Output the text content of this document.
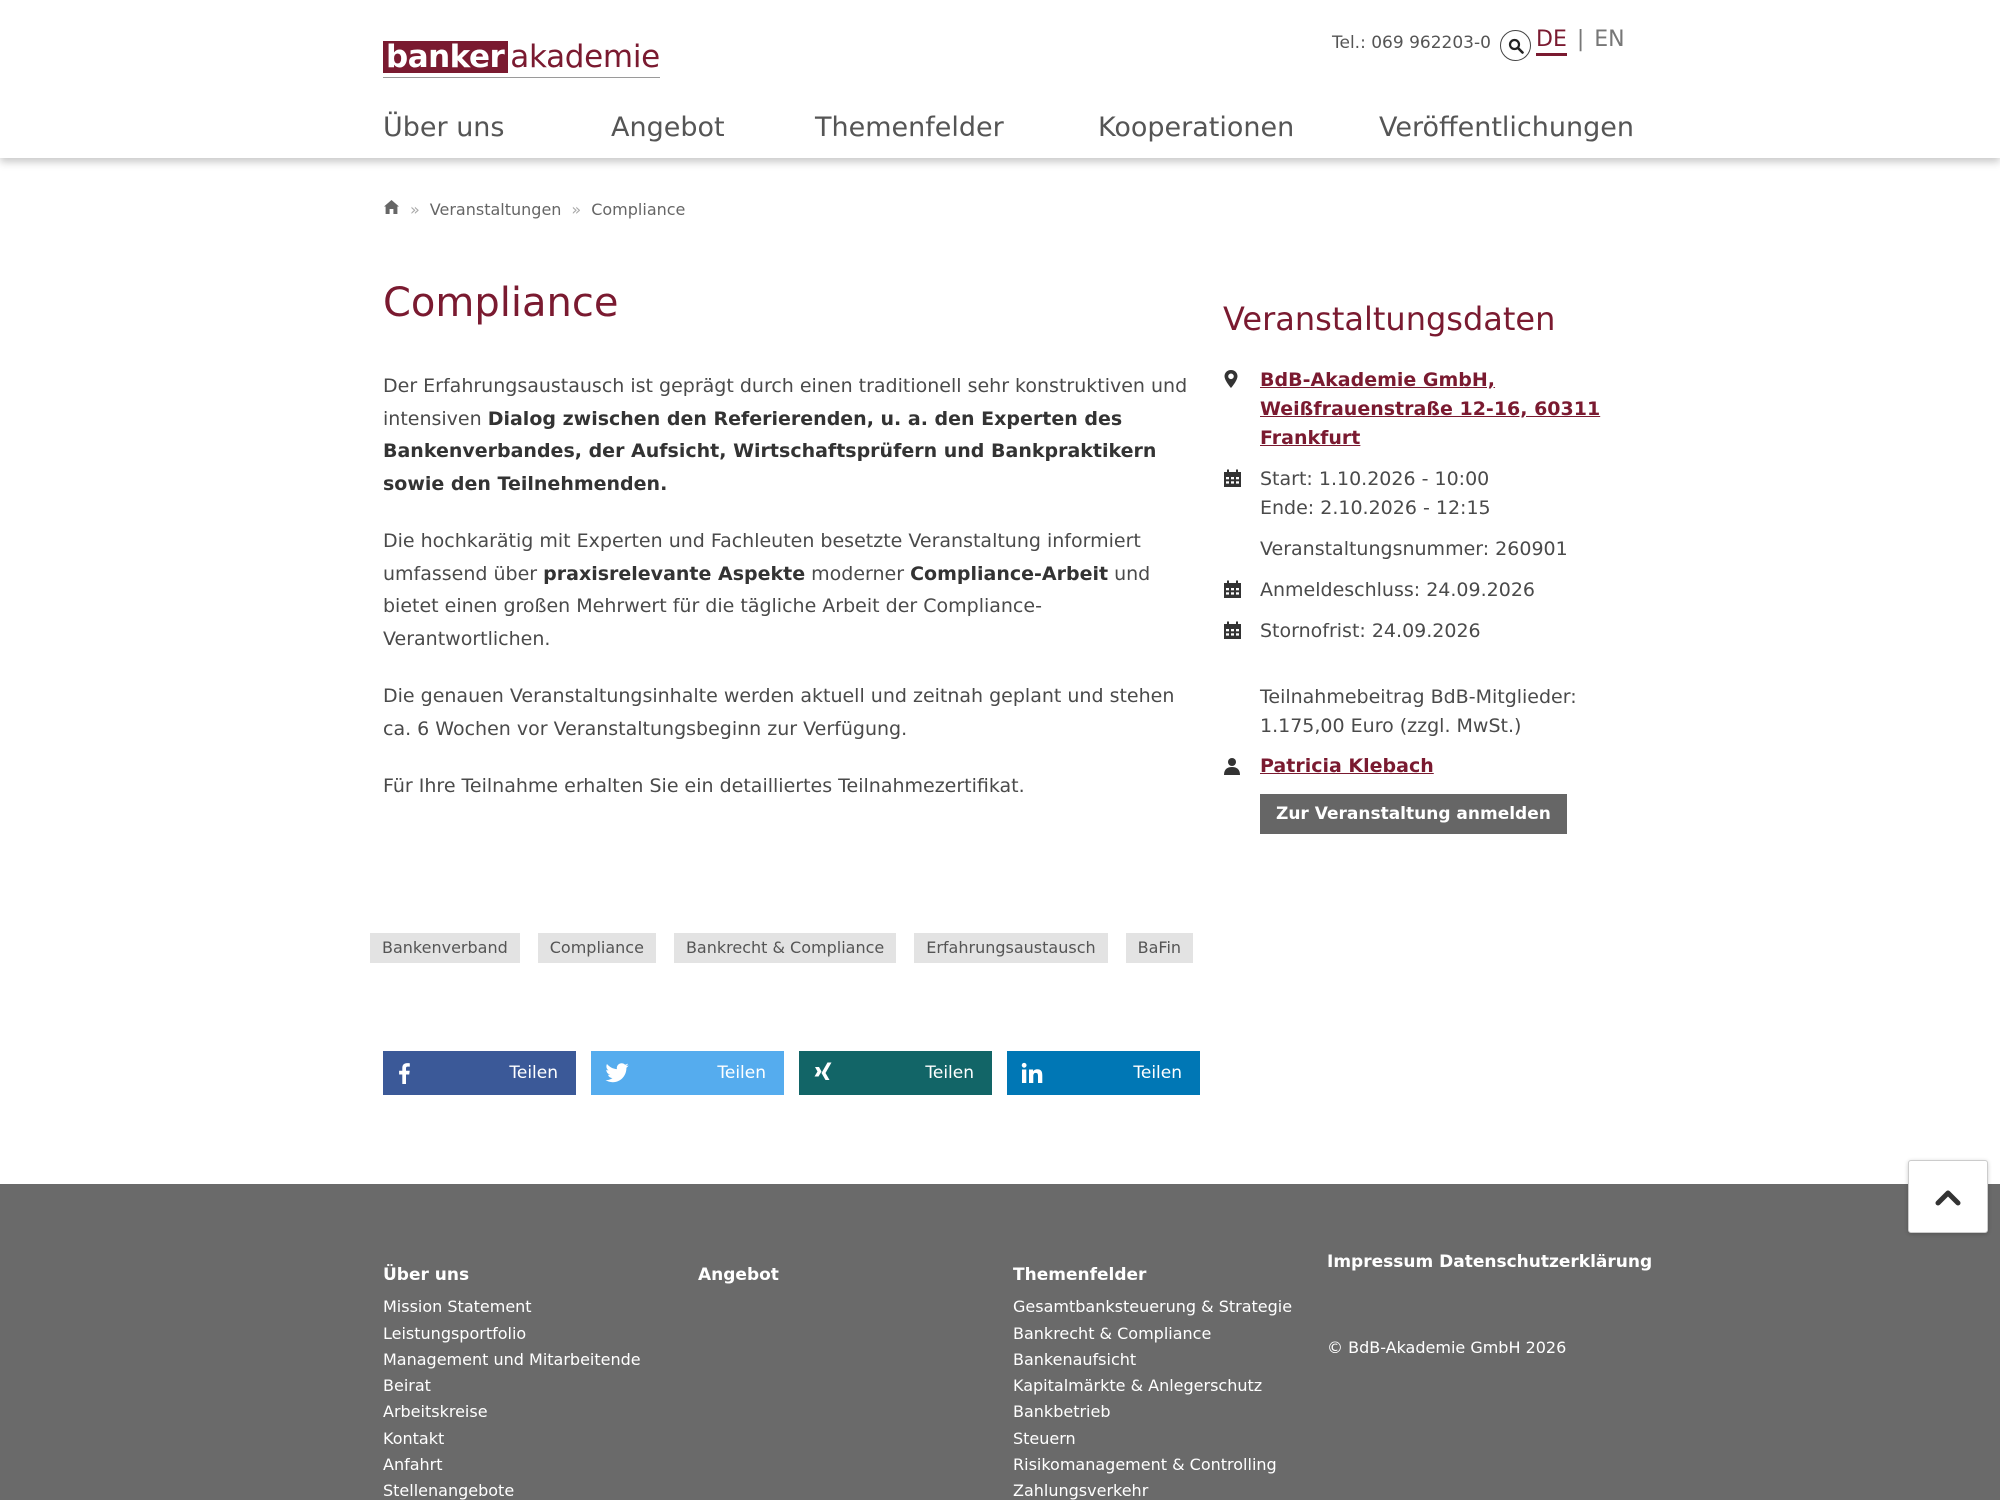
banker akademie	Tel.: 069 962203-0 DE | EN
Über uns	Angebot	Themenfelder	Kooperationen	Veröffentlichungen
» Veranstaltungen » Compliance
Compliance

Der Erfahrungsaustausch ist geprägt durch einen traditionell sehr konstruktiven und intensiven Dialog zwischen den Referierenden, u. a. den Experten des Bankenverbandes, der Aufsicht, Wirtschaftsprüfern und Bankpraktikern sowie den Teilnehmenden.

Die hochkarätig mit Experten und Fachleuten besetzte Veranstaltung informiert umfassend über praxisrelevante Aspekte moderner Compliance-Arbeit und bietet einen großen Mehrwert für die tägliche Arbeit der Compliance-Verantwortlichen.

Die genauen Veranstaltungsinhalte werden aktuell und zeitnah geplant und stehen ca. 6 Wochen vor Veranstaltungsbeginn zur Verfügung.

Für Ihre Teilnahme erhalten Sie ein detailliertes Teilnahmezertifikat.

Veranstaltungsdaten
BdB-Akademie GmbH,
Weißfrauenstraße 12-16, 60311
Frankfurt
Start: 1.10.2026 - 10:00
Ende: 2.10.2026 - 12:15
Veranstaltungsnummer: 260901
Anmeldeschluss: 24.09.2026
Stornofrist: 24.09.2026
Teilnahmebeitrag BdB-Mitglieder:
1.175,00 Euro (zzgl. MwSt.)
Patricia Klebach
Zur Veranstaltung anmelden
Bankenverband	Compliance	Bankrecht & Compliance	Erfahrungsaustausch	BaFin
Teilen	Teilen	Teilen	Teilen
Über uns
Mission Statement
Leistungsportfolio
Management und Mitarbeitende
Beirat
Arbeitskreise
Kontakt
Anfahrt
Stellenangebote
Angebot	Themenfelder
Gesamtbanksteuerung & Strategie
Bankrecht & Compliance
Bankenaufsicht
Kapitalmärkte & Anlegerschutz
Bankbetrieb
Steuern
Risikomanagement & Controlling
Zahlungsverkehr
Impressum Datenschutzerklärung
© BdB-Akademie GmbH 2026
